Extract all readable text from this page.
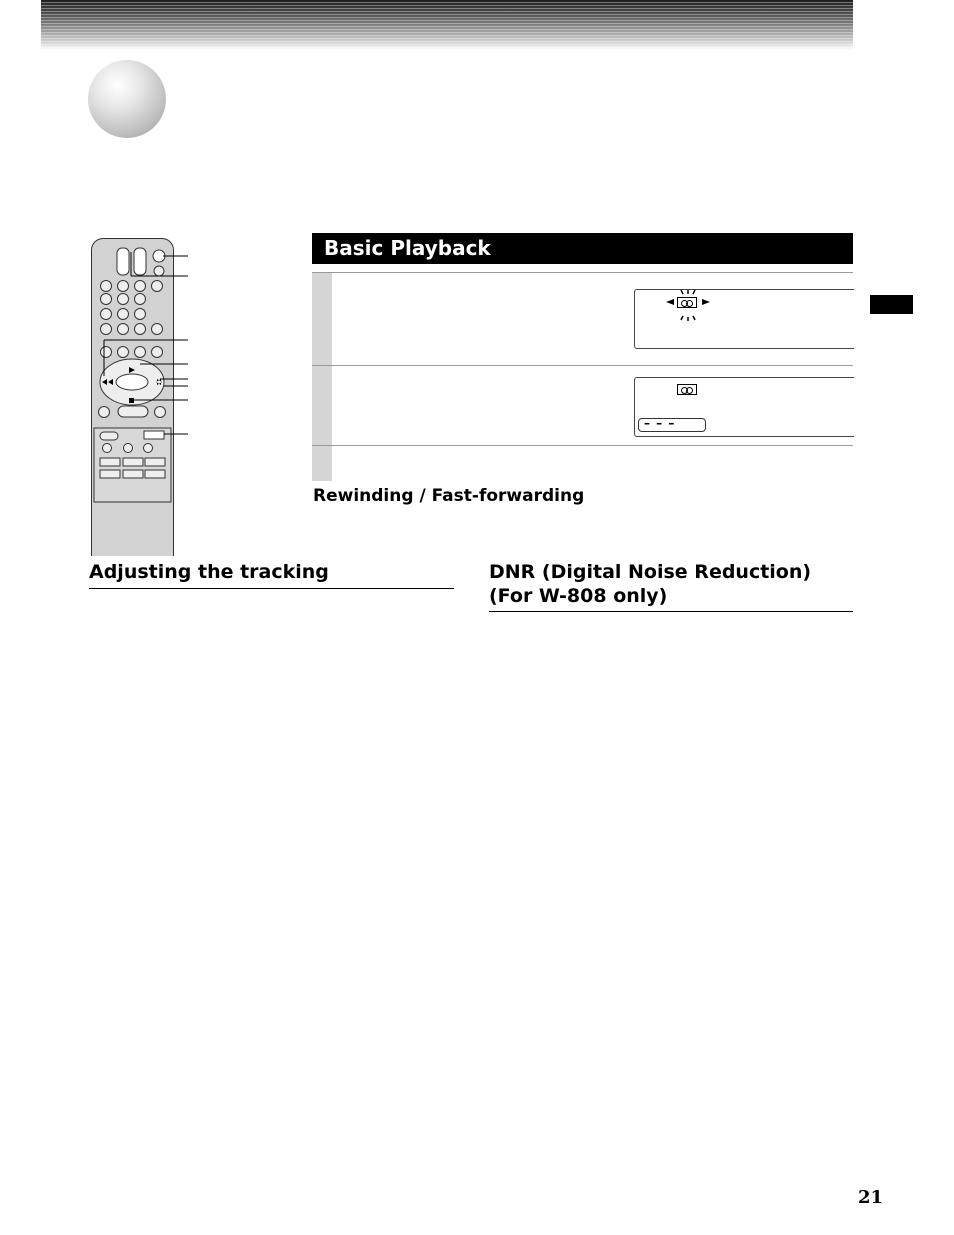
Basic Playback
– – –
Rewinding / Fast-forwarding
Adjusting the tracking	DNR (Digital Noise Reduction)
(For W-808 only)
21
